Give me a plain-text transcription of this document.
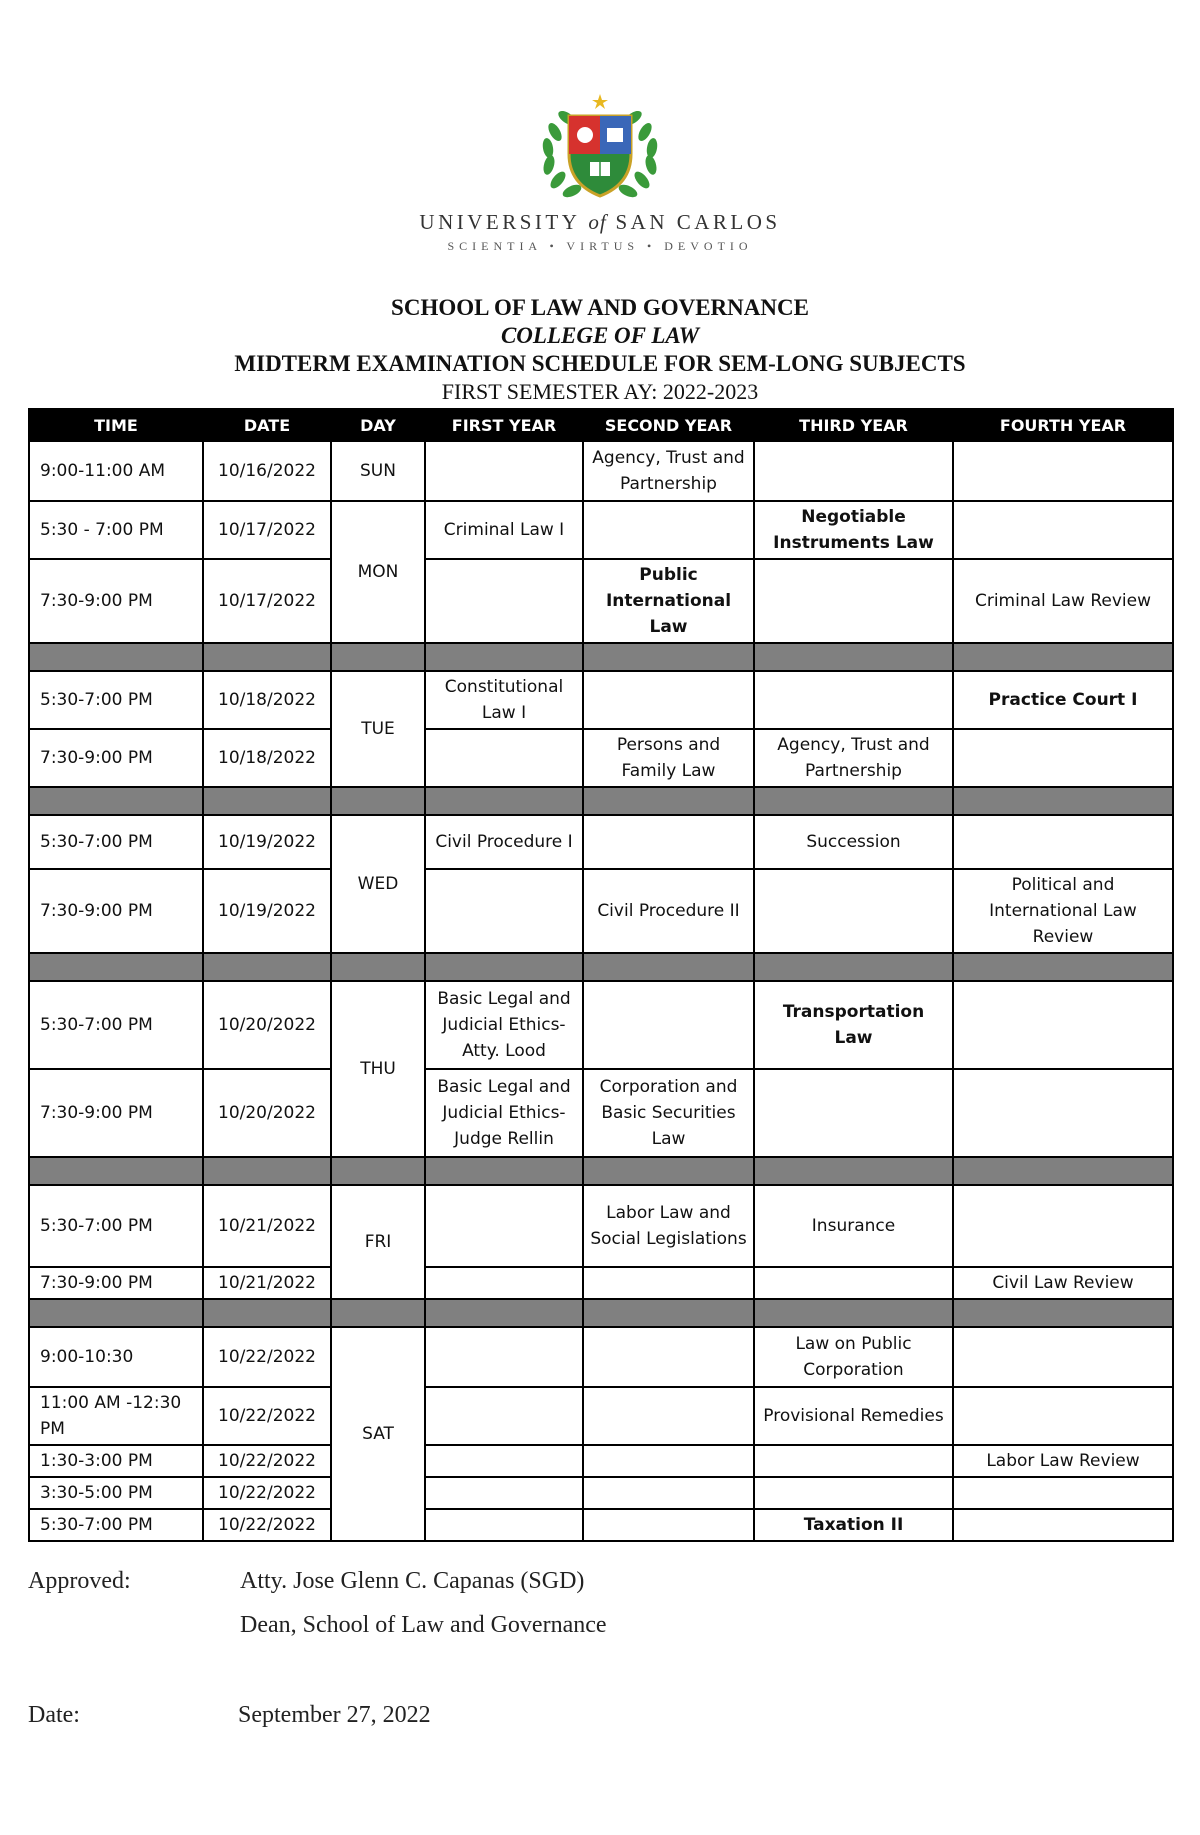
UNIVERSITY of SAN CARLOS
SCIENTIA • VIRTUS • DEVOTIO
SCHOOL OF LAW AND GOVERNANCE
COLLEGE OF LAW
MIDTERM EXAMINATION SCHEDULE FOR SEM-LONG SUBJECTS
FIRST SEMESTER AY: 2022-2023
TIME	DATE	DAY	FIRST YEAR	SECOND YEAR	THIRD YEAR	FOURTH YEAR
9:00-11:00 AM	10/16/2022	SUN		Agency, Trust and Partnership		
5:30 - 7:00 PM	10/17/2022	MON	Criminal Law I		Negotiable Instruments Law	
7:30-9:00 PM	10/17/2022			Public International Law		Criminal Law Review

5:30-7:00 PM	10/18/2022	TUE	Constitutional Law I			Practice Court I
7:30-9:00 PM	10/18/2022			Persons and Family Law	Agency, Trust and Partnership	

5:30-7:00 PM	10/19/2022	WED	Civil Procedure I		Succession	
7:30-9:00 PM	10/19/2022			Civil Procedure II		Political and International Law Review

5:30-7:00 PM	10/20/2022	THU	Basic Legal and Judicial Ethics- Atty. Lood		Transportation Law	
7:30-9:00 PM	10/20/2022		Basic Legal and Judicial Ethics- Judge Rellin	Corporation and Basic Securities Law		

5:30-7:00 PM	10/21/2022	FRI		Labor Law and Social Legislations	Insurance	
7:30-9:00 PM	10/21/2022					Civil Law Review

9:00-10:30	10/22/2022	SAT			Law on Public Corporation	
11:00 AM -12:30 PM	10/22/2022				Provisional Remedies	
1:30-3:00 PM	10/22/2022					Labor Law Review
3:30-5:00 PM	10/22/2022					
5:30-7:00 PM	10/22/2022				Taxation II	
Approved:	Atty. Jose Glenn C. Capanas (SGD)
Dean, School of Law and Governance
Date:	September 27, 2022
